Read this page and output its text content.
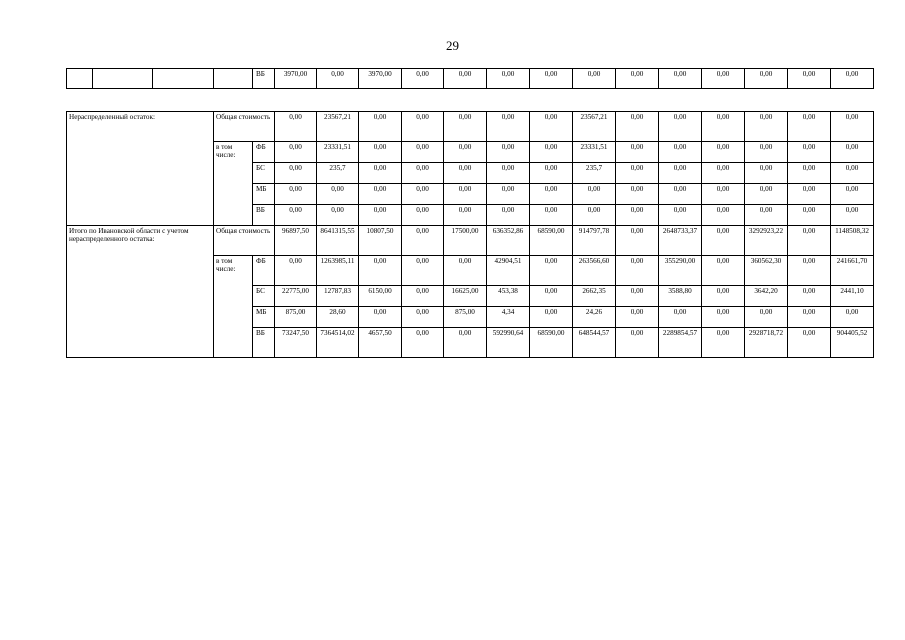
29
				ВБ	3970,00	0,00	3970,00	0,00	0,00	0,00	0,00	0,00	0,00	0,00	0,00	0,00	0,00	0,00
Нераспределенный остаток:	Общая стоимость		0,00	23567,21	0,00	0,00	0,00	0,00	0,00	23567,21	0,00	0,00	0,00	0,00	0,00	0,00
	в том числе:	ФБ	0,00	23331,51	0,00	0,00	0,00	0,00	0,00	23331,51	0,00	0,00	0,00	0,00	0,00	0,00
		БС	0,00	235,7	0,00	0,00	0,00	0,00	0,00	235,7	0,00	0,00	0,00	0,00	0,00	0,00
		МБ	0,00	0,00	0,00	0,00	0,00	0,00	0,00	0,00	0,00	0,00	0,00	0,00	0,00	0,00
		ВБ	0,00	0,00	0,00	0,00	0,00	0,00	0,00	0,00	0,00	0,00	0,00	0,00	0,00	0,00
Итого по Ивановской области с учетом нераспределенного остатка:	Общая стоимость		96897,50	8641315,55	10807,50	0,00	17500,00	636352,86	68590,00	914797,78	0,00	2648733,37	0,00	3292923,22	0,00	1148508,32
	в том числе:	ФБ	0,00	1263985,11	0,00	0,00	0,00	42904,51	0,00	263566,60	0,00	355290,00	0,00	360562,30	0,00	241661,70
		БС	22775,00	12787,83	6150,00	0,00	16625,00	453,38	0,00	2662,35	0,00	3588,80	0,00	3642,20	0,00	2441,10
		МБ	875,00	28,60	0,00	0,00	875,00	4,34	0,00	24,26	0,00	0,00	0,00	0,00	0,00	0,00
		ВБ	73247,50	7364514,02	4657,50	0,00	0,00	592990,64	68590,00	648544,57	0,00	2289854,57	0,00	2928718,72	0,00	904405,52
